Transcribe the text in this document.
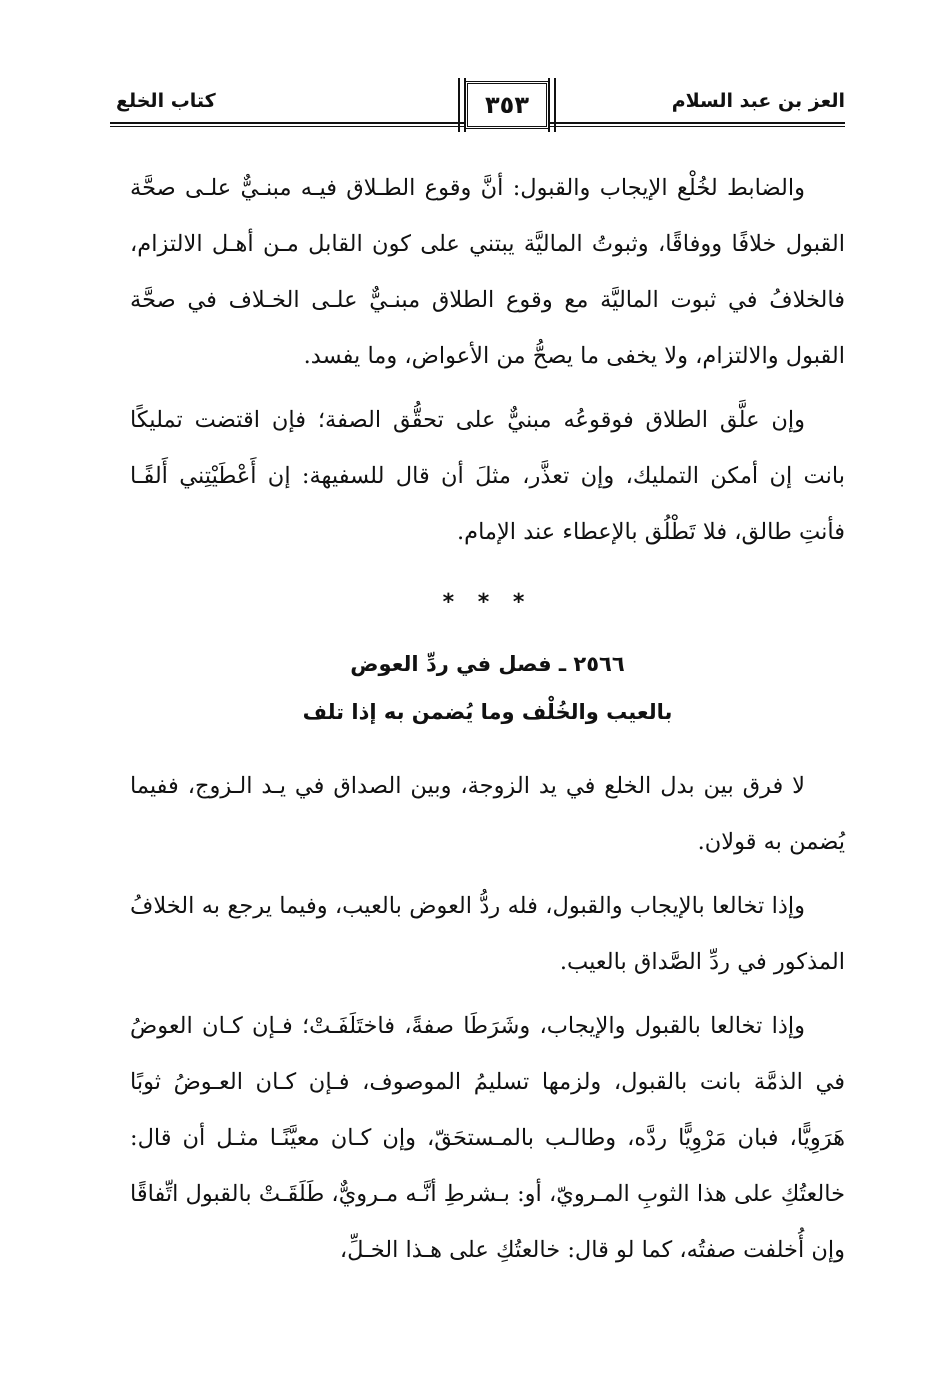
العز بن عبد السلام
٣٥٣
كتاب الخلع

والضابط لخُلْع الإيجاب والقبول: أنَّ وقوع الطـلاق فيـه مبنـيٌّ علـى صحَّة القبول خلافًا ووفاقًا، وثبوتُ الماليَّة يبتني على كون القابل مـن أهـل الالتزام، فالخلافُ في ثبوت الماليَّة مع وقوع الطلاق مبنـيٌّ علـى الخـلاف في صحَّة القبول والالتزام، ولا يخفى ما يصحُّ من الأعواض، وما يفسد.

وإن علَّق الطلاق فوقوعُه مبنيٌّ على تحقُّق الصفة؛ فإن اقتضت تمليكًا بانت إن أمكن التمليك، وإن تعذَّر، مثلَ أن قال للسفيهة: إن أَعْطَيْتِني أَلفًـا فأنتِ طالق، فلا تَطْلُق بالإعطاء عند الإمام.

* * *
٢٥٦٦ ـ فصل في ردِّ العوض
بالعيب والخُلْف وما يُضمن به إذا تلف

لا فرق بين بدل الخلع في يد الزوجة، وبين الصداق في يـد الـزوج، ففيما يُضمن به قولان.

وإذا تخالعا بالإيجاب والقبول، فله ردُّ العوض بالعيب، وفيما يرجع به الخلافُ المذكور في ردِّ الصَّداق بالعيب.

وإذا تخالعا بالقبول والإيجاب، وشَرَطَا صفةً، فاختَلَفَـتْ؛ فـإن كـان العوضُ في الذمَّة بانت بالقبول، ولزمها تسليمُ الموصوف، فـإن كـان العـوضُ ثوبًا هَرَوِيًّا، فبان مَرْوِيًّا ردَّه، وطالـب بالمـستحَقّ، وإن كـان معيَّنًـا مثـل أن قال: خالعتُكِ على هذا الثوبِ المـرويّ، أو: بـشرطِ أنَّـه مـرويٌّ، طَلَقَـتْ بالقبول اتِّفاقًا وإن أُخلفت صفتُه، كما لو قال: خالعتُكِ على هـذا الخـلِّ،
